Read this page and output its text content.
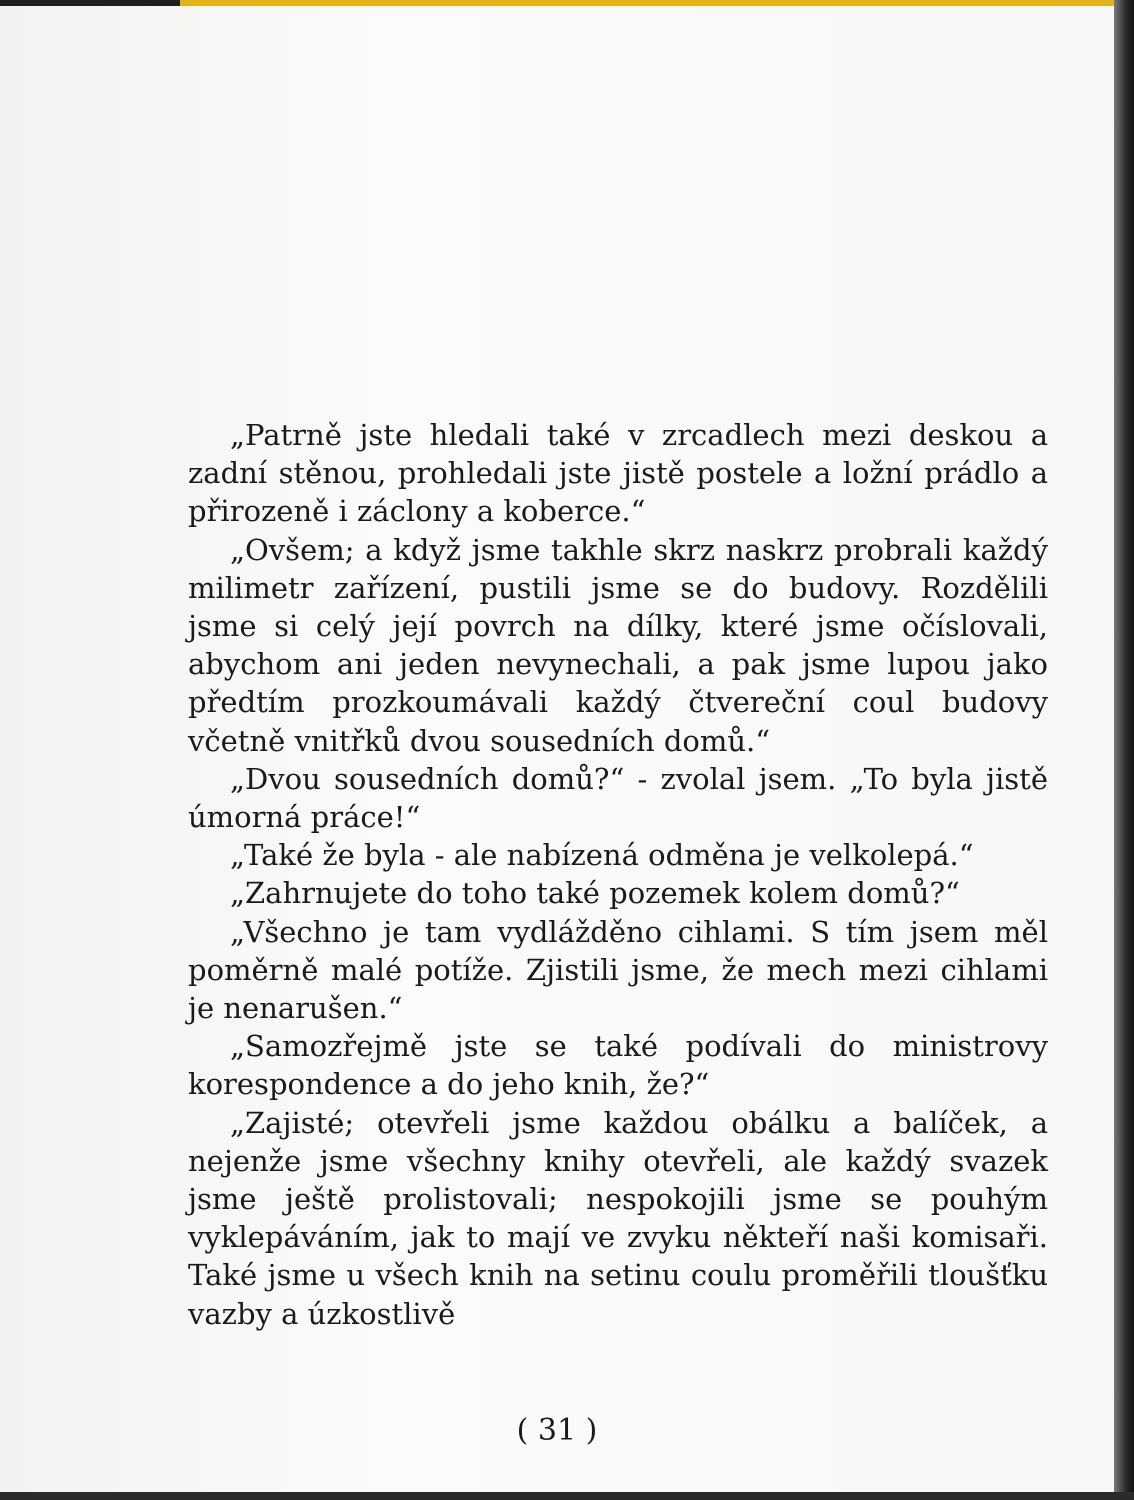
„Patrně jste hledali také v zrcadlech mezi deskou a zadní stěnou, prohledali jste jistě postele a ložní prádlo a přirozeně i záclony a koberce.“

„Ovšem; a když jsme takhle skrz naskrz probrali každý milimetr zařízení, pustili jsme se do budovy. Rozdělili jsme si celý její povrch na dílky, které jsme očíslovali, abychom ani jeden nevynechali, a pak jsme lupou jako předtím prozkoumávali každý čtvereční coul budovy včetně vnitřků dvou sousedních domů.“

„Dvou sousedních domů?“ - zvolal jsem. „To byla jistě úmorná práce!“

„Také že byla - ale nabízená odměna je velkolepá.“

„Zahrnujete do toho také pozemek kolem domů?“

„Všechno je tam vydlážděno cihlami. S tím jsem měl poměrně malé potíže. Zjistili jsme, že mech mezi cihlami je nenarušen.“

„Samozřejmě jste se také podívali do ministrovy korespondence a do jeho knih, že?“

„Zajisté; otevřeli jsme každou obálku a balíček, a nejenže jsme všechny knihy otevřeli, ale každý svazek jsme ještě prolistovali; nespokojili jsme se pouhým vyklepáváním, jak to mají ve zvyku někteří naši komisaři. Také jsme u všech knih na setinu coulu proměřili tloušťku vazby a úzkostlivě

( 31 )
